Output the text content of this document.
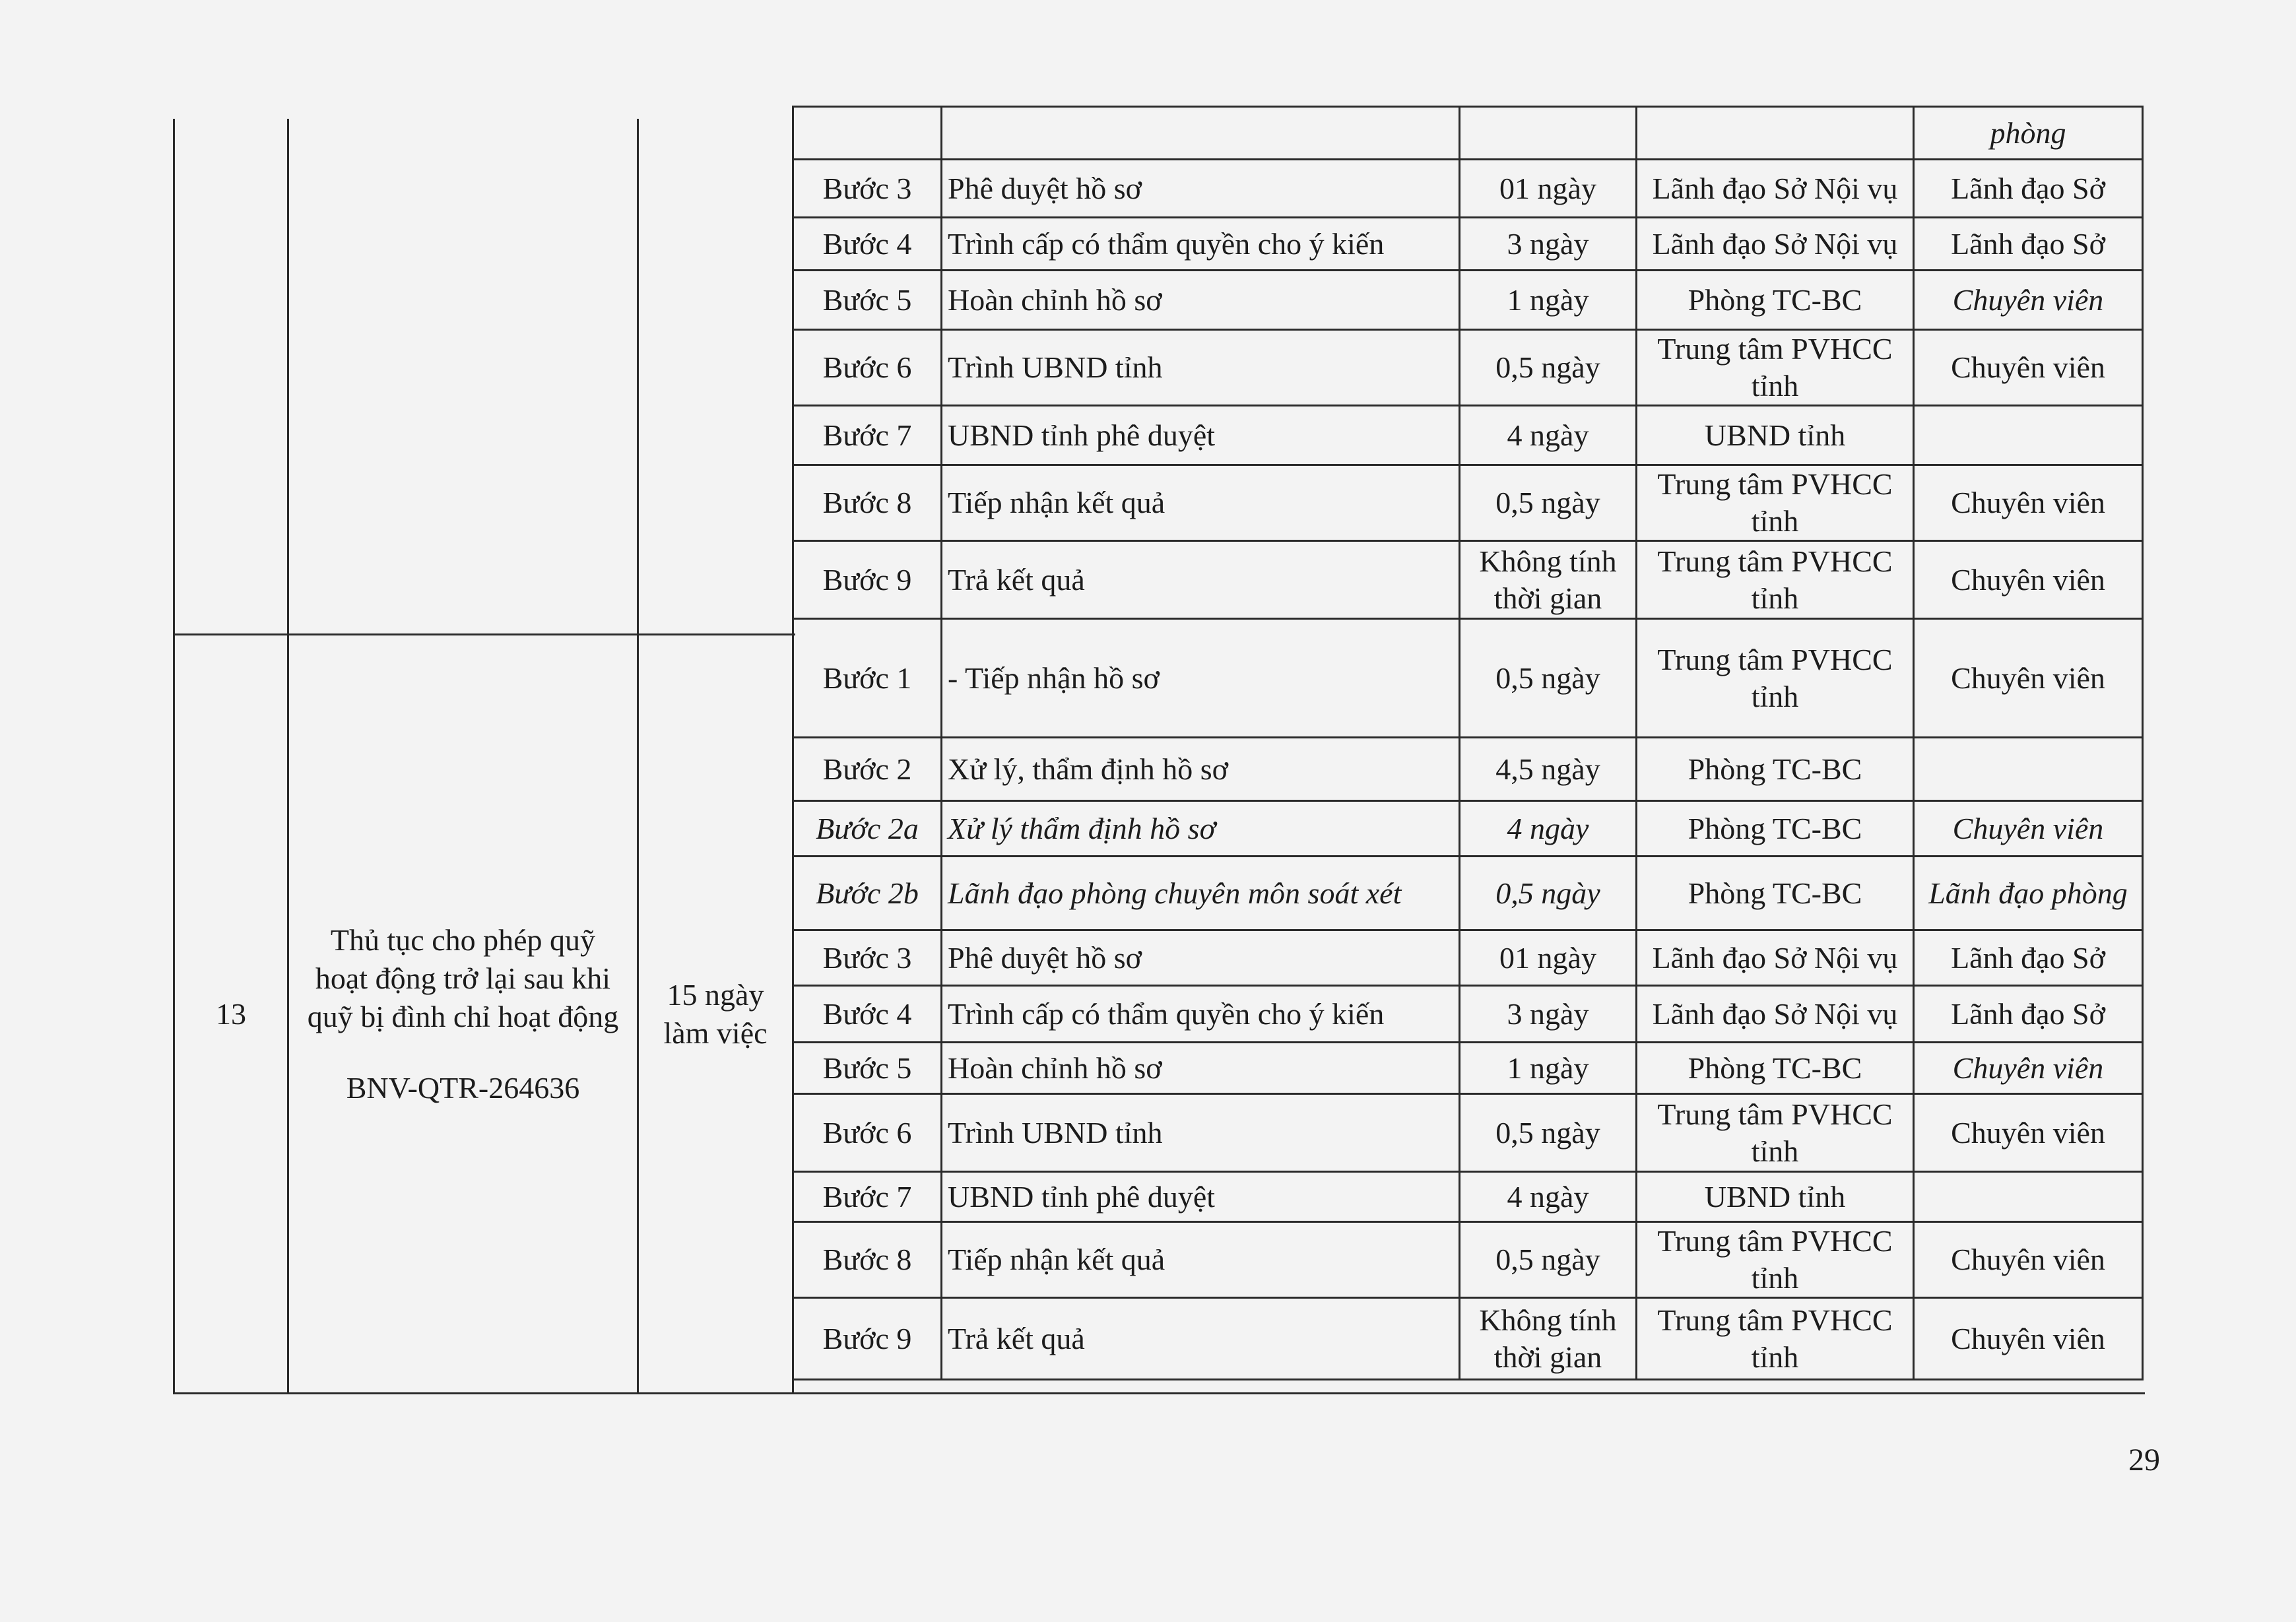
13
Thủ tục cho phép quỹ
hoạt động trở lại sau khi
quỹ bị đình chỉ hoạt động
BNV-QTR-264636
15 ngày
làm việc
				phòng
Bước 3	Phê duyệt hồ sơ	01 ngày	Lãnh đạo Sở Nội vụ	Lãnh đạo Sở
Bước 4	Trình cấp có thẩm quyền cho ý kiến	3 ngày	Lãnh đạo Sở Nội vụ	Lãnh đạo Sở
Bước 5	Hoàn chỉnh hồ sơ	1 ngày	Phòng TC-BC	Chuyên viên
Bước 6	Trình UBND tỉnh	0,5 ngày	Trung tâm PVHCC tỉnh	Chuyên viên
Bước 7	UBND tỉnh phê duyệt	4 ngày	UBND tỉnh	
Bước 8	Tiếp nhận kết quả	0,5 ngày	Trung tâm PVHCC tỉnh	Chuyên viên
Bước 9	Trả kết quả	Không tính thời gian	Trung tâm PVHCC tỉnh	Chuyên viên
Bước 1	- Tiếp nhận hồ sơ	0,5 ngày	Trung tâm PVHCC tỉnh	Chuyên viên
Bước 2	Xử lý, thẩm định hồ sơ	4,5 ngày	Phòng TC-BC	
Bước 2a	Xử lý thẩm định hồ sơ	4 ngày	Phòng TC-BC	Chuyên viên
Bước 2b	Lãnh đạo phòng chuyên môn soát xét	0,5 ngày	Phòng TC-BC	Lãnh đạo phòng
Bước 3	Phê duyệt hồ sơ	01 ngày	Lãnh đạo Sở Nội vụ	Lãnh đạo Sở
Bước 4	Trình cấp có thẩm quyền cho ý kiến	3 ngày	Lãnh đạo Sở Nội vụ	Lãnh đạo Sở
Bước 5	Hoàn chỉnh hồ sơ	1 ngày	Phòng TC-BC	Chuyên viên
Bước 6	Trình UBND tỉnh	0,5 ngày	Trung tâm PVHCC tỉnh	Chuyên viên
Bước 7	UBND tỉnh phê duyệt	4 ngày	UBND tỉnh	
Bước 8	Tiếp nhận kết quả	0,5 ngày	Trung tâm PVHCC tỉnh	Chuyên viên
Bước 9	Trả kết quả	Không tính thời gian	Trung tâm PVHCC tỉnh	Chuyên viên
29
